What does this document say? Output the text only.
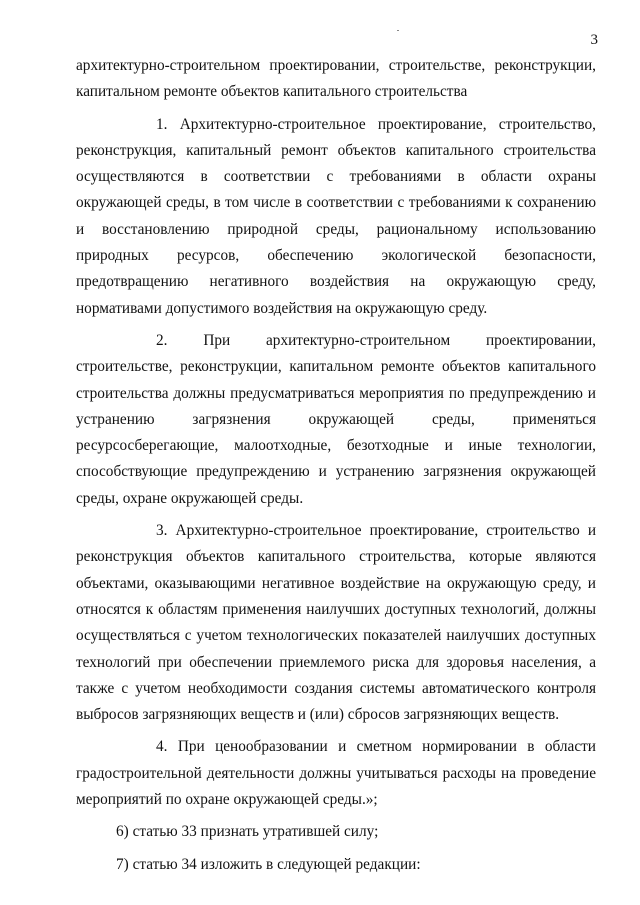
3

архитектурно-строительном проектировании, строительстве, реконструкции, капитальном ремонте объектов капитального строительства

1. Архитектурно-строительное проектирование, строительство, реконструкция, капитальный ремонт объектов капитального строительства осуществляются в соответствии с требованиями в области охраны окружающей среды, в том числе в соответствии с требованиями к сохранению и восстановлению природной среды, рациональному использованию природных ресурсов, обеспечению экологической безопасности, предотвращению негативного воздействия на окружающую среду, нормативами допустимого воздействия на окружающую среду.

2. При архитектурно-строительном проектировании, строительстве, реконструкции, капитальном ремонте объектов капитального строительства должны предусматриваться мероприятия по предупреждению и устранению загрязнения окружающей среды, применяться ресурсосберегающие, малоотходные, безотходные и иные технологии, способствующие предупреждению и устранению загрязнения окружающей среды, охране окружающей среды.

3. Архитектурно-строительное проектирование, строительство и реконструкция объектов капитального строительства, которые являются объектами, оказывающими негативное воздействие на окружающую среду, и относятся к областям применения наилучших доступных технологий, должны осуществляться с учетом технологических показателей наилучших доступных технологий при обеспечении приемлемого риска для здоровья населения, а также с учетом необходимости создания системы автоматического контроля выбросов загрязняющих веществ и (или) сбросов загрязняющих веществ.

4. При ценообразовании и сметном нормировании в области градостроительной деятельности должны учитываться расходы на проведение мероприятий по охране окружающей среды.»;

6) статью 33 признать утратившей силу;

7) статью 34 изложить в следующей редакции:
